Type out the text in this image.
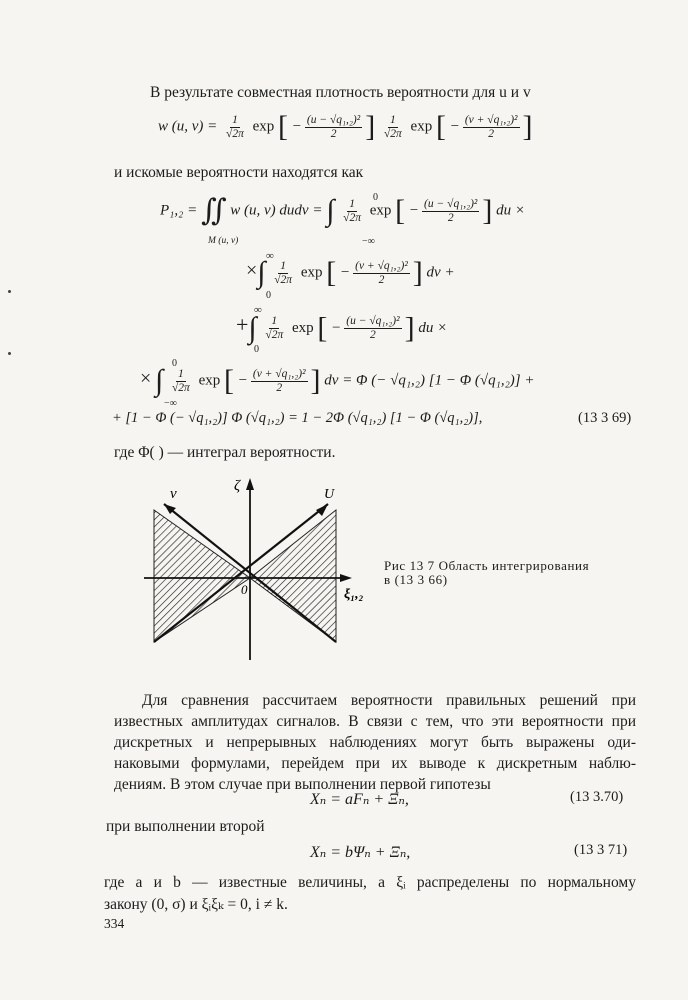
В результате совместная плотность вероятности для u и v
w (u, $v) = \frac{1}{√2\pi}$ exp [ − $\frac{\text{(u − √q₁,₂)²}}{2}$ ] $\frac{1}{√2\pi}$ exp [ − $\frac{\text{(v + √q₁,₂)²}}{2}$ ]
и искомые вероятности находятся как
P₁,₂ = ∬ w (u, v) dudv = ∫ $\frac{1}{√2\pi}$ exp [ − $\frac{\text{(u − √q₁,₂)²}}{2}$ ] du ×
M (u, v)
0
−∞
×∫ $\frac{1}{√2\pi}$ exp [ − $\frac{\text{(v + √q₁,₂)²}}{2}$ ] dv +
∞
0
+∫ $\frac{1}{√2\pi}$ exp [ − $\frac{\text{(u − √q₁,₂)²}}{2}$ ] du ×
∞
0
× ∫ $\frac{1}{√2\pi}$ exp [ − $\frac{\text{(v + √q₁,₂)²}}{2}$ ] dv = Φ (− √q₁,₂) [1 − Φ (√q₁,₂)] +
0
−∞
+ [1 − Φ (− √q₁,₂)] Φ (√q₁,₂) = 1 − 2Φ (√q₁,₂) [1 − Φ (√q₁,₂)],	(13 3 69)
где Φ( ) — интеграл вероятности.
v	U
ζ
ξ₁,₂
0
Рис 13 7 Область интегрирования
в (13 3 66)
Для сравнения рассчитаем вероятности правильных решений при
известных амплитудах сигналов. В связи с тем, что эти вероятности при
дискретных и непрерывных наблюдениях могут быть выражены оди-
наковыми формулами, перейдем при их выводе к дискретным наблю-
дениям. В этом случае при выполнении первой гипотезы
Xₙ = aFₙ + Ξₙ,	(13 3.70)
при выполнении второй
Xₙ = bΨₙ + Ξₙ,	(13 3 71)
где a и b — известные величины, а ξᵢ распределены по нормальному
закону (0, σ) и ξᵢξₖ = 0, i ≠ k.
334
